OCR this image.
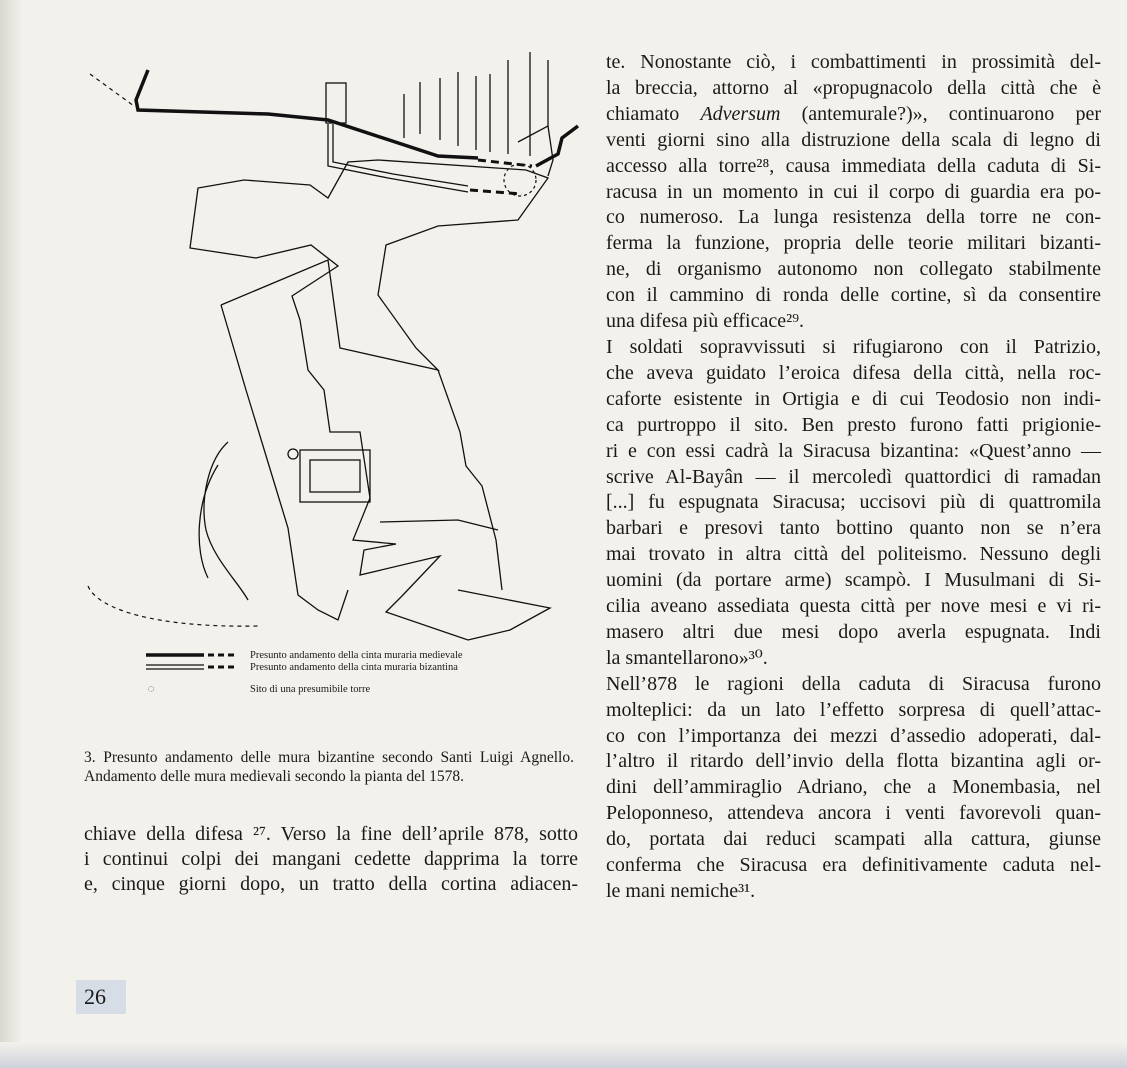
Presunto andamento della cinta muraria medievale
Presunto andamento della cinta muraria bizantina
Sito di una presumibile torre
3. Presunto andamento delle mura bizantine secondo Santi Luigi Agnello. Andamento delle mura medievali secondo la pianta del 1578.
chiave della difesa ²⁷. Verso la fine dell’aprile 878, sotto
i continui colpi dei mangani cedette dapprima la torre
e, cinque giorni dopo, un tratto della cortina adiacen-
26
te. Nonostante ciò, i combattimenti in prossimità del-
la breccia, attorno al «propugnacolo della città che è
chiamato Adversum (antemurale?)», continuarono per
venti giorni sino alla distruzione della scala di legno di
accesso alla torre²⁸, causa immediata della caduta di Si-
racusa in un momento in cui il corpo di guardia era po-
co numeroso. La lunga resistenza della torre ne con-
ferma la funzione, propria delle teorie militari bizanti-
ne, di organismo autonomo non collegato stabilmente
con il cammino di ronda delle cortine, sì da consentire
una difesa più efficace²⁹.
I soldati sopravvissuti si rifugiarono con il Patrizio,
che aveva guidato l’eroica difesa della città, nella roc-
caforte esistente in Ortigia e di cui Teodosio non indi-
ca purtroppo il sito. Ben presto furono fatti prigionie-
ri e con essi cadrà la Siracusa bizantina: «Quest’anno —
scrive Al-Bayân — il mercoledì quattordici di ramadan
[...] fu espugnata Siracusa; uccisovi più di quattromila
barbari e presovi tanto bottino quanto non se n’era
mai trovato in altra città del politeismo. Nessuno degli
uomini (da portare arme) scampò. I Musulmani di Si-
cilia aveano assediata questa città per nove mesi e vi ri-
masero altri due mesi dopo averla espugnata. Indi
la smantellarono»³⁰.
Nell’878 le ragioni della caduta di Siracusa furono
molteplici: da un lato l’effetto sorpresa di quell’attac-
co con l’importanza dei mezzi d’assedio adoperati, dal-
l’altro il ritardo dell’invio della flotta bizantina agli or-
dini dell’ammiraglio Adriano, che a Monembasia, nel
Peloponneso, attendeva ancora i venti favorevoli quan-
do, portata dai reduci scampati alla cattura, giunse
conferma che Siracusa era definitivamente caduta nel-
le mani nemiche³¹.
